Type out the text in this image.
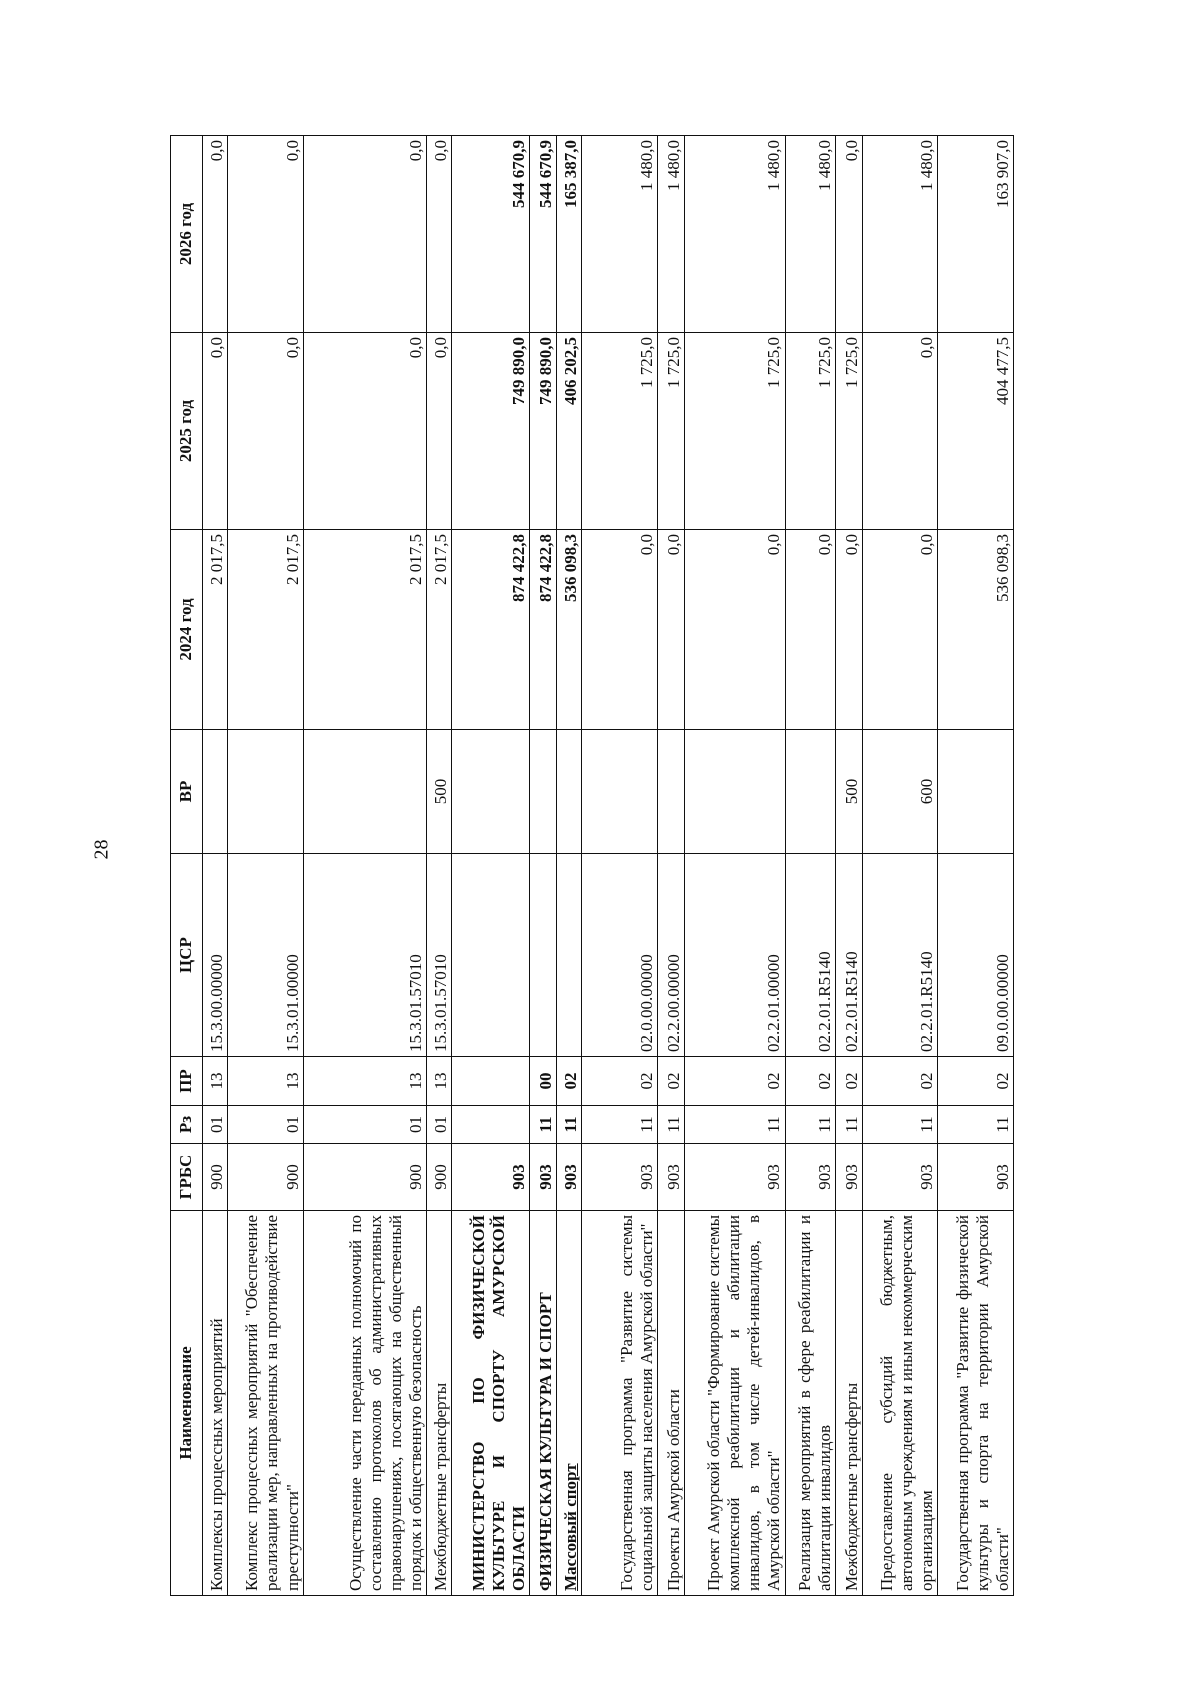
28
Наименование	ГРБС	Рз	ПР	ЦСР	ВР	2024 год	2025 год	2026 год
Комплексы процессных мероприятий	900	01	13	15.3.00.00000		2 017,5	0,0	0,0
Комплекс процессных мероприятий "Обеспечение реализации мер, направленных на противодействие преступности"	900	01	13	15.3.01.00000		2 017,5	0,0	0,0
Осуществление части переданных полномочий по составлению протоколов об административных правонарушениях, посягающих на общественный порядок и общественную безопасность	900	01	13	15.3.01.57010		2 017,5	0,0	0,0
Межбюджетные трансферты	900	01	13	15.3.01.57010	500	2 017,5	0,0	0,0
МИНИСТЕРСТВО ПО ФИЗИЧЕСКОЙ КУЛЬТУРЕ И СПОРТУ АМУРСКОЙ ОБЛАСТИ	903					874 422,8	749 890,0	544 670,9
ФИЗИЧЕСКАЯ КУЛЬТУРА И СПОРТ	903	11	00			874 422,8	749 890,0	544 670,9
Массовый спорт	903	11	02			536 098,3	406 202,5	165 387,0
Государственная программа "Развитие системы социальной защиты населения Амурской области"	903	11	02	02.0.00.00000		0,0	1 725,0	1 480,0
Проекты Амурской области	903	11	02	02.2.00.00000		0,0	1 725,0	1 480,0
Проект Амурской области "Формирование системы комплексной реабилитации и абилитации инвалидов, в том числе детей-инвалидов, в Амурской области"	903	11	02	02.2.01.00000		0,0	1 725,0	1 480,0
Реализация мероприятий в сфере реабилитации и абилитации инвалидов	903	11	02	02.2.01.R5140		0,0	1 725,0	1 480,0
Межбюджетные трансферты	903	11	02	02.2.01.R5140	500	0,0	1 725,0	0,0
Предоставление субсидий бюджетным, автономным учреждениям и иным некоммерческим организациям	903	11	02	02.2.01.R5140	600	0,0	0,0	1 480,0
Государственная программа "Развитие физической культуры и спорта на территории Амурской области"	903	11	02	09.0.00.00000		536 098,3	404 477,5	163 907,0
